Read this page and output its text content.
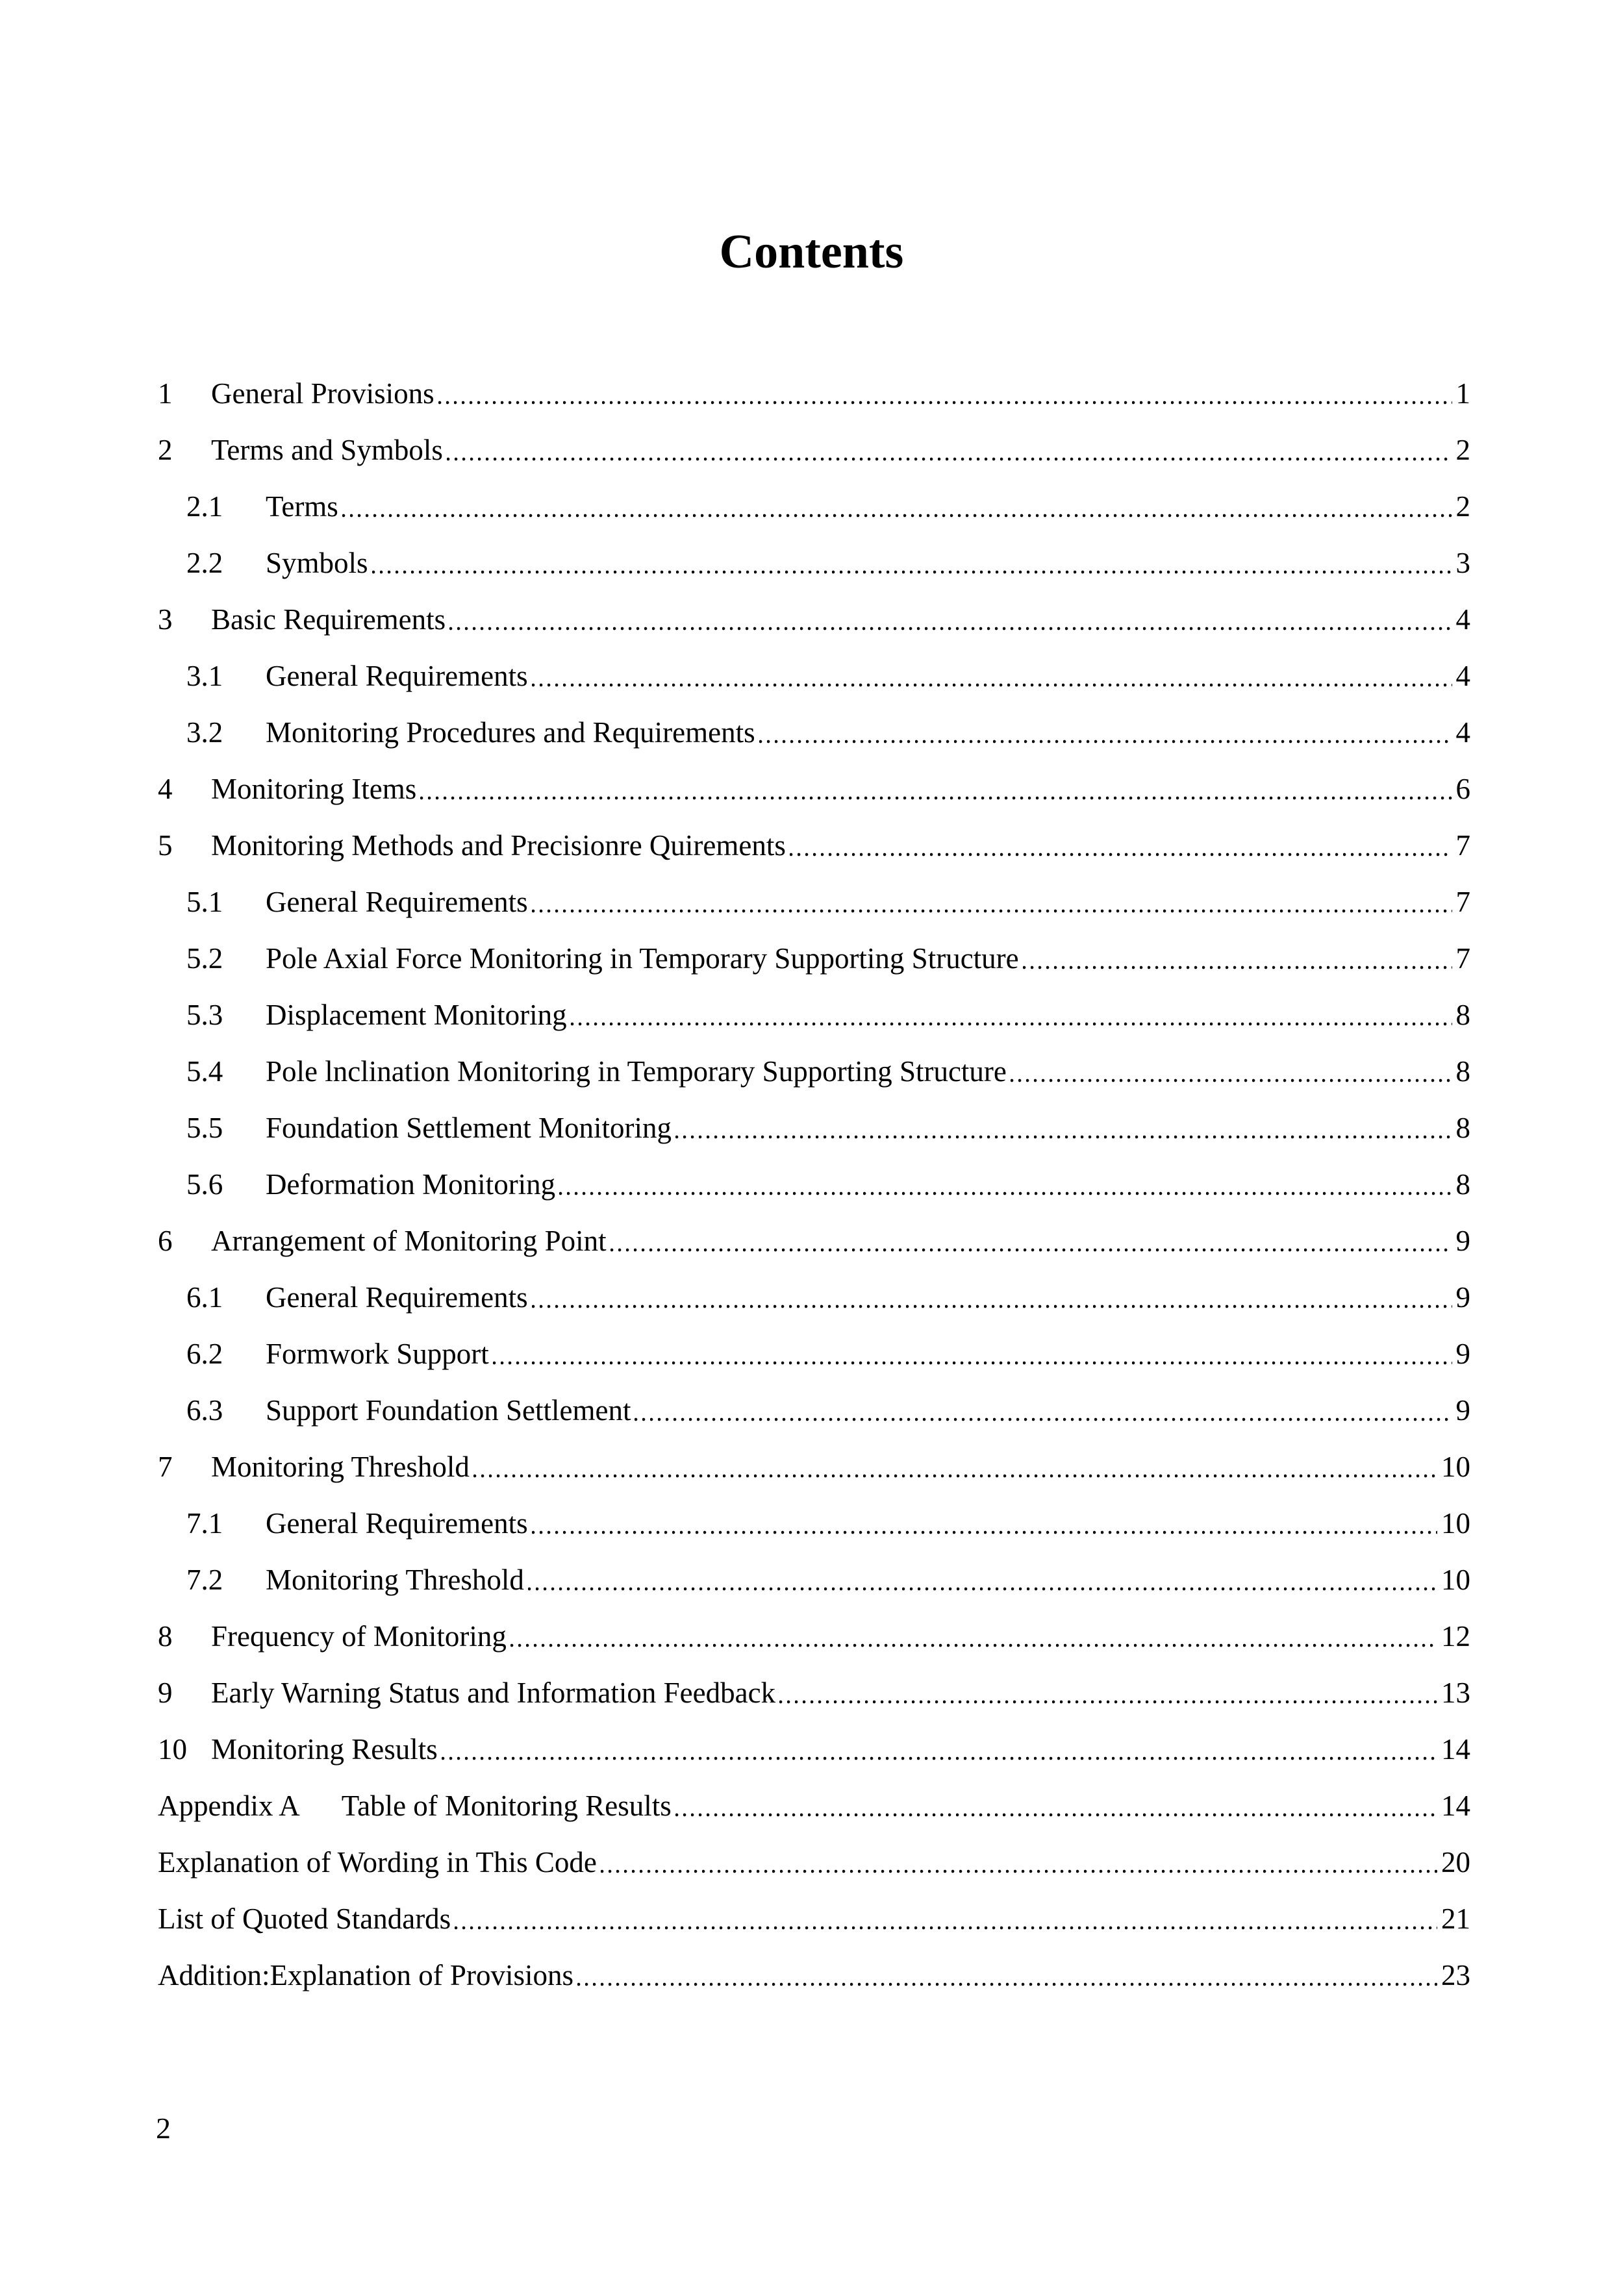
Contents
1	General Provisions	1
2	Terms and Symbols	2
2.1	Terms	2
2.2	Symbols	3
3	Basic Requirements	4
3.1	General Requirements	4
3.2	Monitoring Procedures and Requirements	4
4	Monitoring Items	6
5	Monitoring Methods and Precisionre Quirements	7
5.1	General Requirements	7
5.2	Pole Axial Force Monitoring in Temporary Supporting Structure	7
5.3	Displacement Monitoring	8
5.4	Pole lnclination Monitoring in Temporary Supporting Structure	8
5.5	Foundation Settlement Monitoring	8
5.6	Deformation Monitoring	8
6	Arrangement of Monitoring Point	9
6.1	General Requirements	9
6.2	Formwork Support	9
6.3	Support Foundation Settlement	9
7	Monitoring Threshold	10
7.1	General Requirements	10
7.2	Monitoring Threshold	10
8	Frequency of Monitoring	12
9	Early Warning Status and Information Feedback	13
10 Monitoring Results	14
Appendix A Table of Monitoring Results	14
Explanation of Wording in This Code	20
List of Quoted Standards	21
Addition:Explanation of Provisions	23
2
